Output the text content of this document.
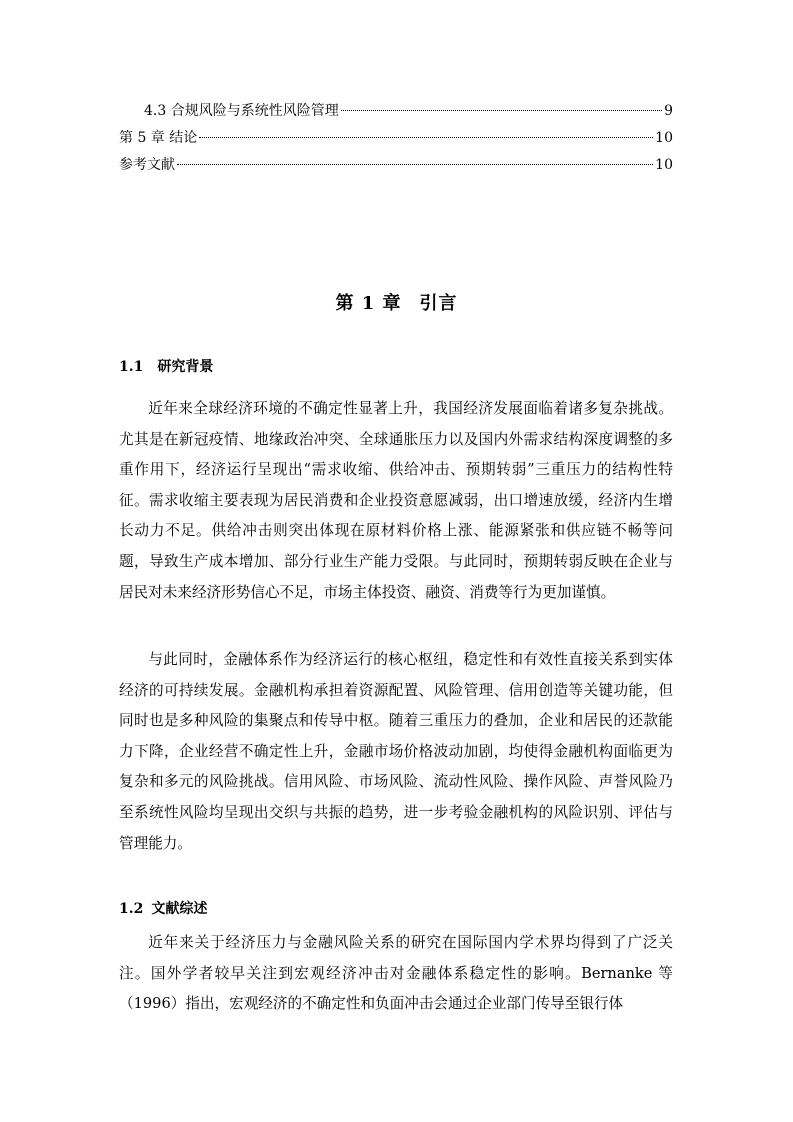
4.3 合规风险与系统性风险管理	9
第 5 章 结论	10
参考文献	10
第 1 章 引言
1.1 研究背景

近年来全球经济环境的不确定性显著上升，我国经济发展面临着诸多复杂挑战。尤其是在新冠疫情、地缘政治冲突、全球通胀压力以及国内外需求结构深度调整的多重作用下，经济运行呈现出“需求收缩、供给冲击、预期转弱”三重压力的结构性特征。需求收缩主要表现为居民消费和企业投资意愿减弱，出口增速放缓，经济内生增长动力不足。供给冲击则突出体现在原材料价格上涨、能源紧张和供应链不畅等问题，导致生产成本增加、部分行业生产能力受限。与此同时，预期转弱反映在企业与居民对未来经济形势信心不足，市场主体投资、融资、消费等行为更加谨慎。

与此同时，金融体系作为经济运行的核心枢纽，稳定性和有效性直接关系到实体经济的可持续发展。金融机构承担着资源配置、风险管理、信用创造等关键功能，但同时也是多种风险的集聚点和传导中枢。随着三重压力的叠加，企业和居民的还款能力下降，企业经营不确定性上升，金融市场价格波动加剧，均使得金融机构面临更为复杂和多元的风险挑战。信用风险、市场风险、流动性风险、操作风险、声誉风险乃至系统性风险均呈现出交织与共振的趋势，进一步考验金融机构的风险识别、评估与管理能力。

1.2 文献综述

近年来关于经济压力与金融风险关系的研究在国际国内学术界均得到了广泛关注。国外学者较早关注到宏观经济冲击对金融体系稳定性的影响。Bernanke 等（1996）指出，宏观经济的不确定性和负面冲击会通过企业部门传导至银行体
